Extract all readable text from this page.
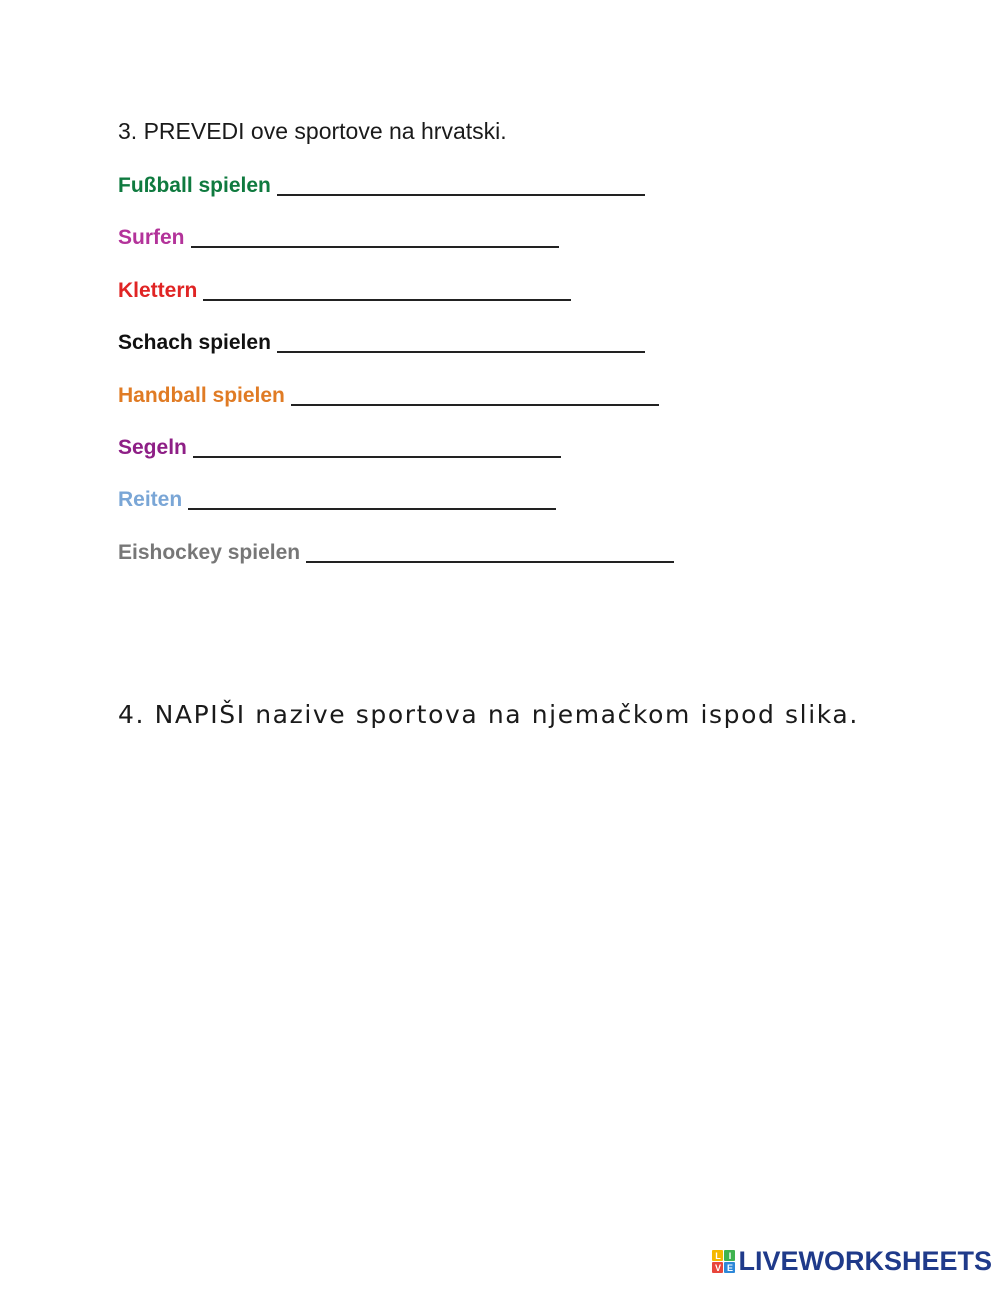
3. PREVEDI ove sportove na hrvatski.
Fußball spielen
Surfen
Klettern
Schach spielen
Handball spielen
Segeln
Reiten
Eishockey spielen
4. NAPIŠI nazive sportova na njemačkom ispod slika.
L I
V E LIVEWORKSHEETS
